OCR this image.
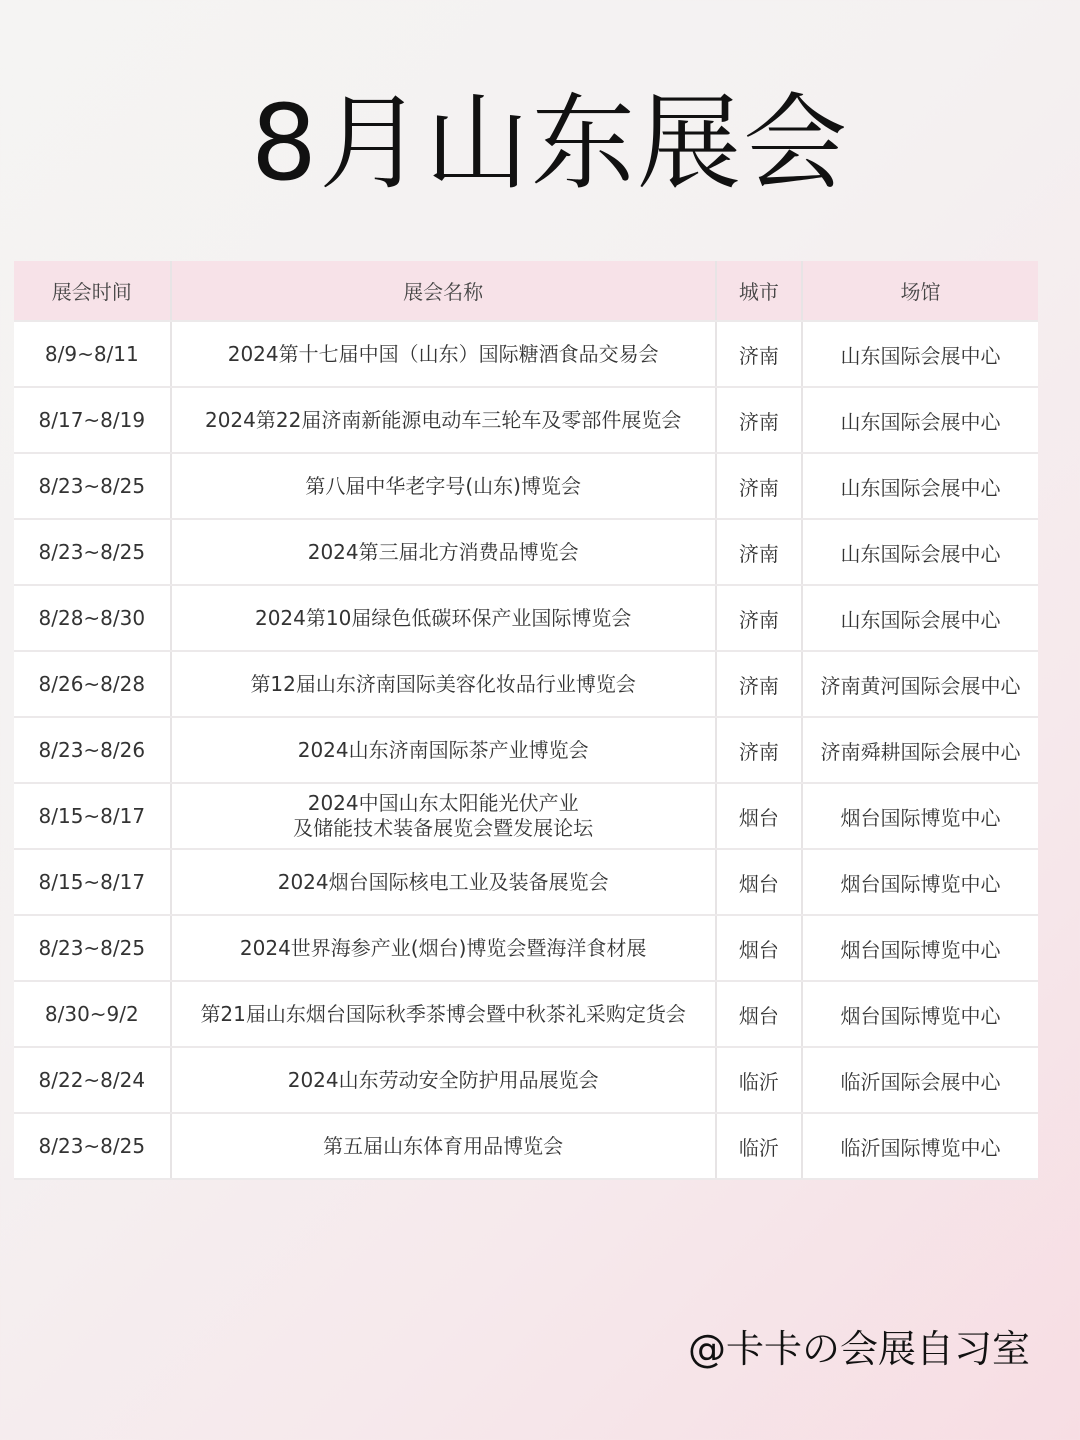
8月山东展会
展会时间	展会名称	城市	场馆
8/9~8/11	2024第十七届中国（山东）国际糖酒食品交易会	济南	山东国际会展中心
8/17~8/19	2024第22届济南新能源电动车三轮车及零部件展览会	济南	山东国际会展中心
8/23~8/25	第八届中华老字号(山东)博览会	济南	山东国际会展中心
8/23~8/25	2024第三届北方消费品博览会	济南	山东国际会展中心
8/28~8/30	2024第10届绿色低碳环保产业国际博览会	济南	山东国际会展中心
8/26~8/28	第12届山东济南国际美容化妆品行业博览会	济南	济南黄河国际会展中心
8/23~8/26	2024山东济南国际茶产业博览会	济南	济南舜耕国际会展中心
8/15~8/17	2024中国山东太阳能光伏产业
及储能技术装备展览会暨发展论坛	烟台	烟台国际博览中心
8/15~8/17	2024烟台国际核电工业及装备展览会	烟台	烟台国际博览中心
8/23~8/25	2024世界海参产业(烟台)博览会暨海洋食材展	烟台	烟台国际博览中心
8/30~9/2	第21届山东烟台国际秋季茶博会暨中秋茶礼采购定货会	烟台	烟台国际博览中心
8/22~8/24	2024山东劳动安全防护用品展览会	临沂	临沂国际会展中心
8/23~8/25	第五届山东体育用品博览会	临沂	临沂国际博览中心
@卡卡の会展自习室
